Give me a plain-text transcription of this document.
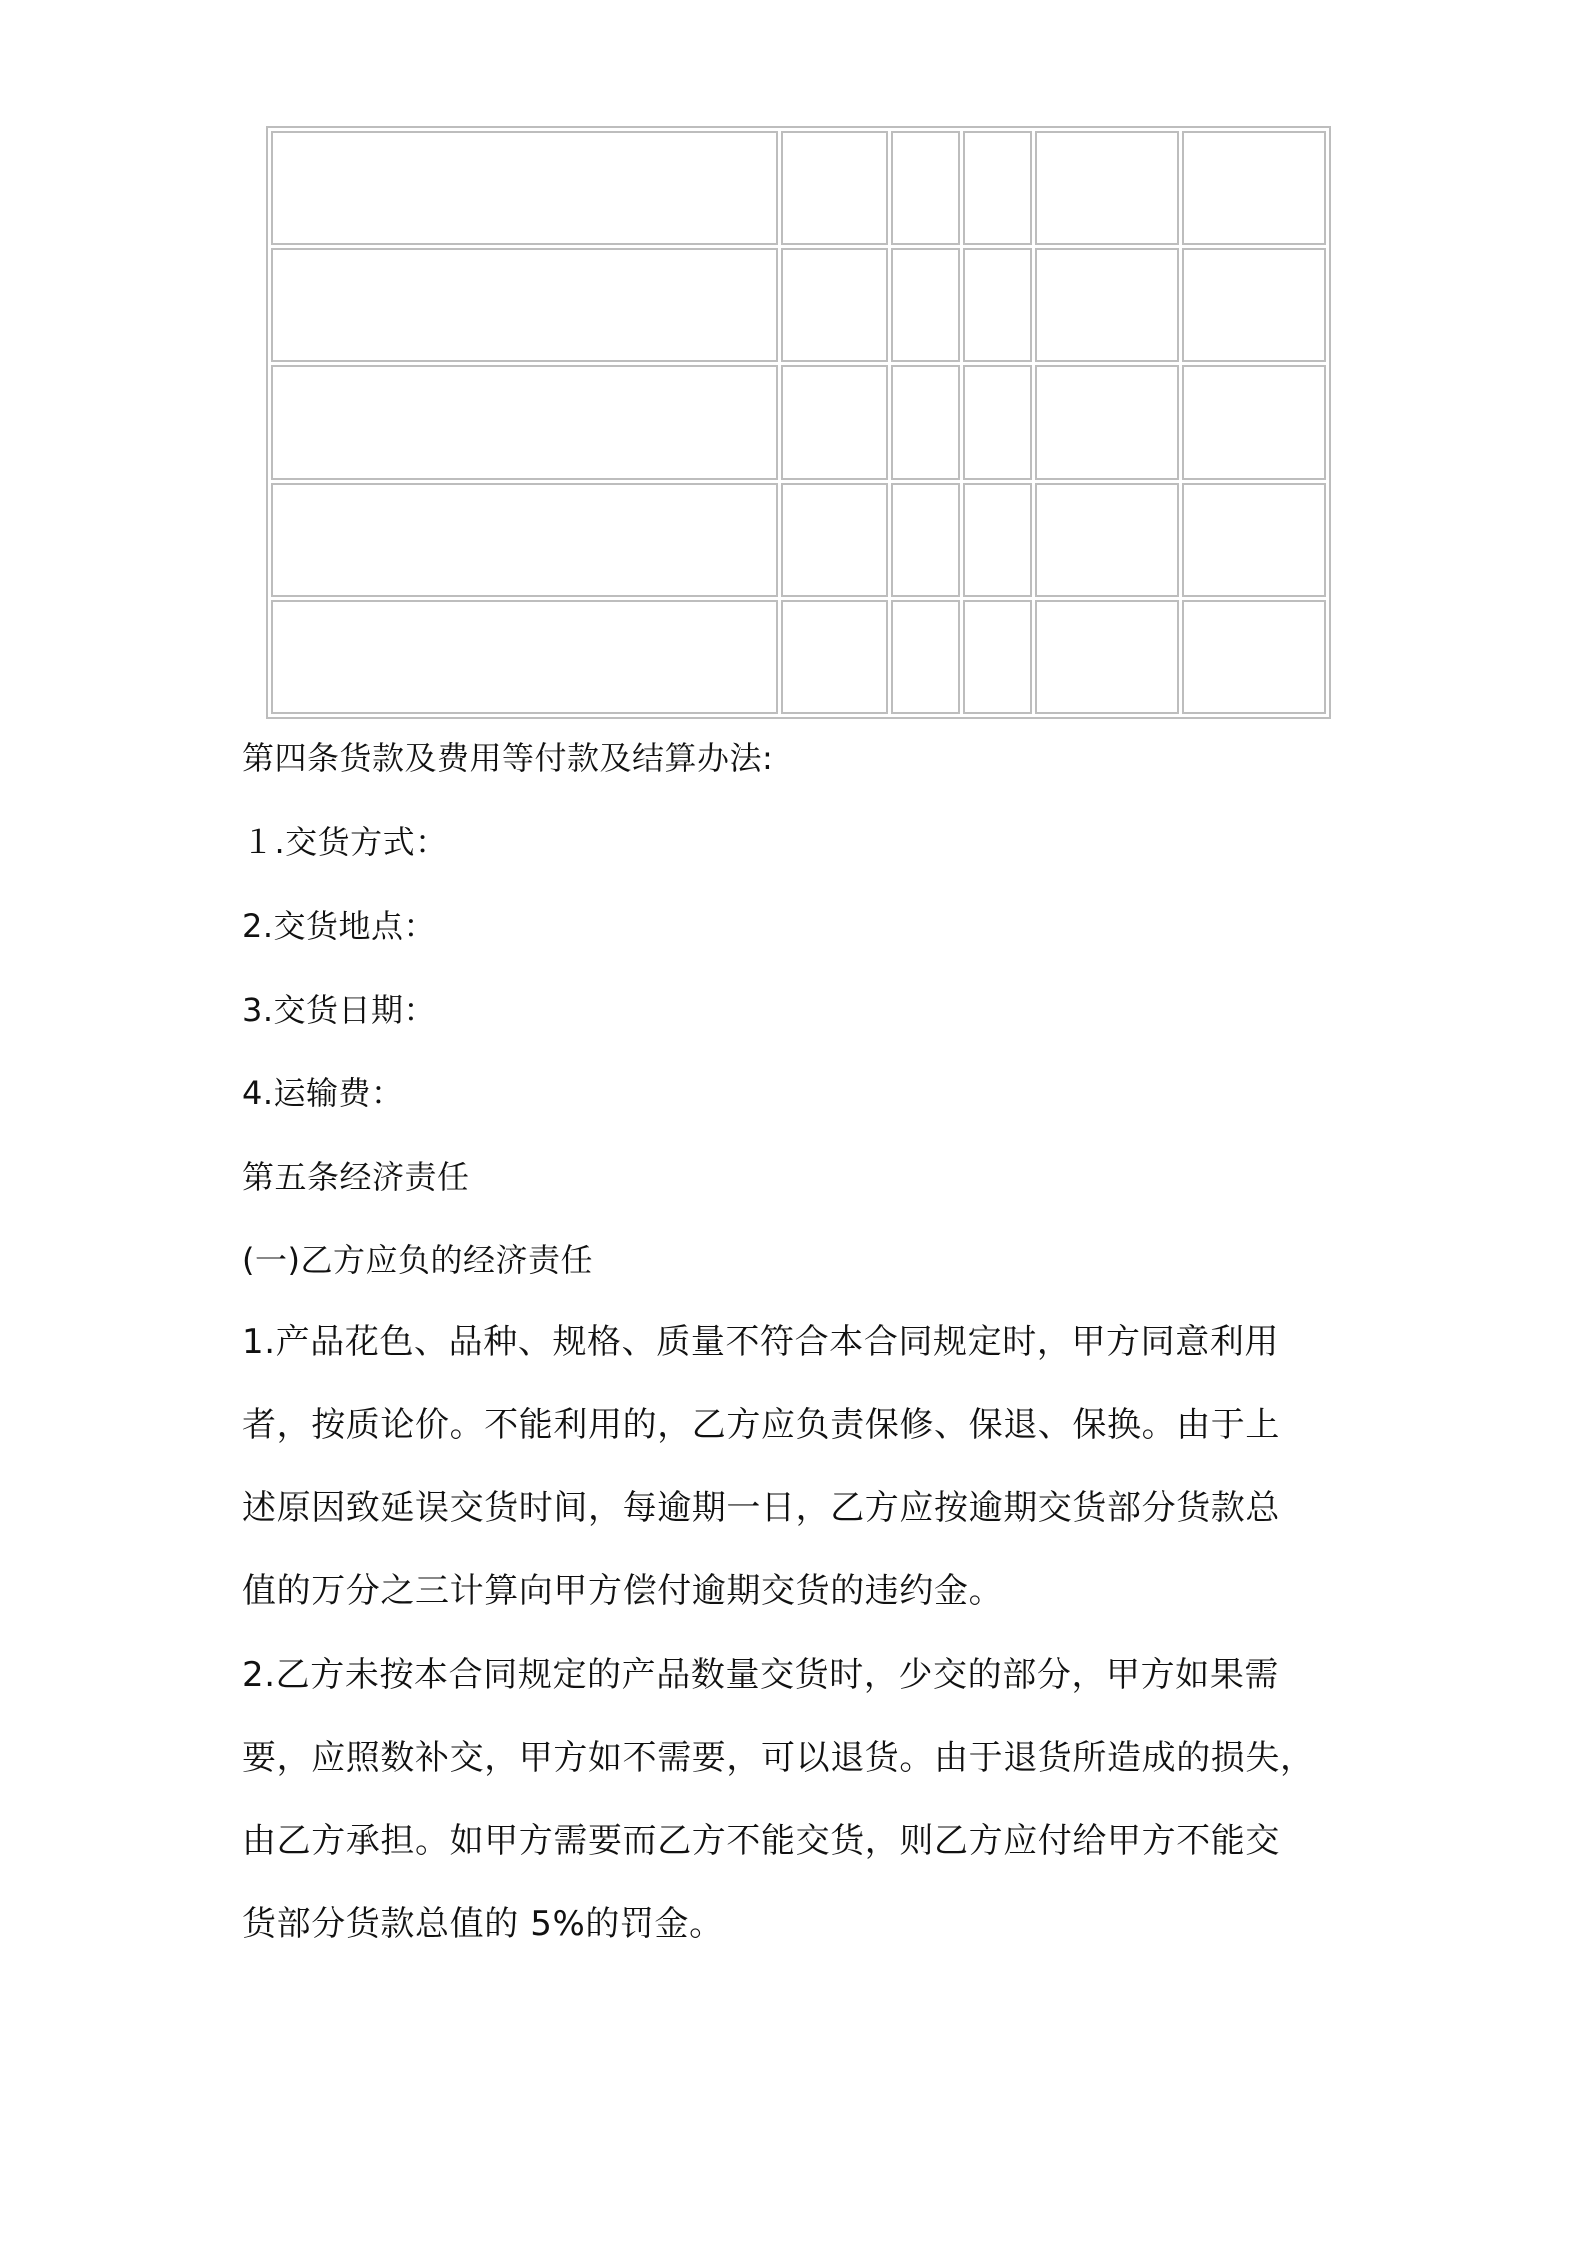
第四条货款及费用等付款及结算办法:
１.交货方式：
2.交货地点：
3.交货日期：
4.运输费：
第五条经济责任
(一)乙方应负的经济责任
1.产品花色、品种、规格、质量不符合本合同规定时，甲方同意利用
者，按质论价。不能利用的，乙方应负责保修、保退、保换。由于上
述原因致延误交货时间，每逾期一日，乙方应按逾期交货部分货款总
值的万分之三计算向甲方偿付逾期交货的违约金。
2.乙方未按本合同规定的产品数量交货时，少交的部分，甲方如果需
要，应照数补交，甲方如不需要，可以退货。由于退货所造成的损失，
由乙方承担。如甲方需要而乙方不能交货，则乙方应付给甲方不能交
货部分货款总值的 5%的罚金。
